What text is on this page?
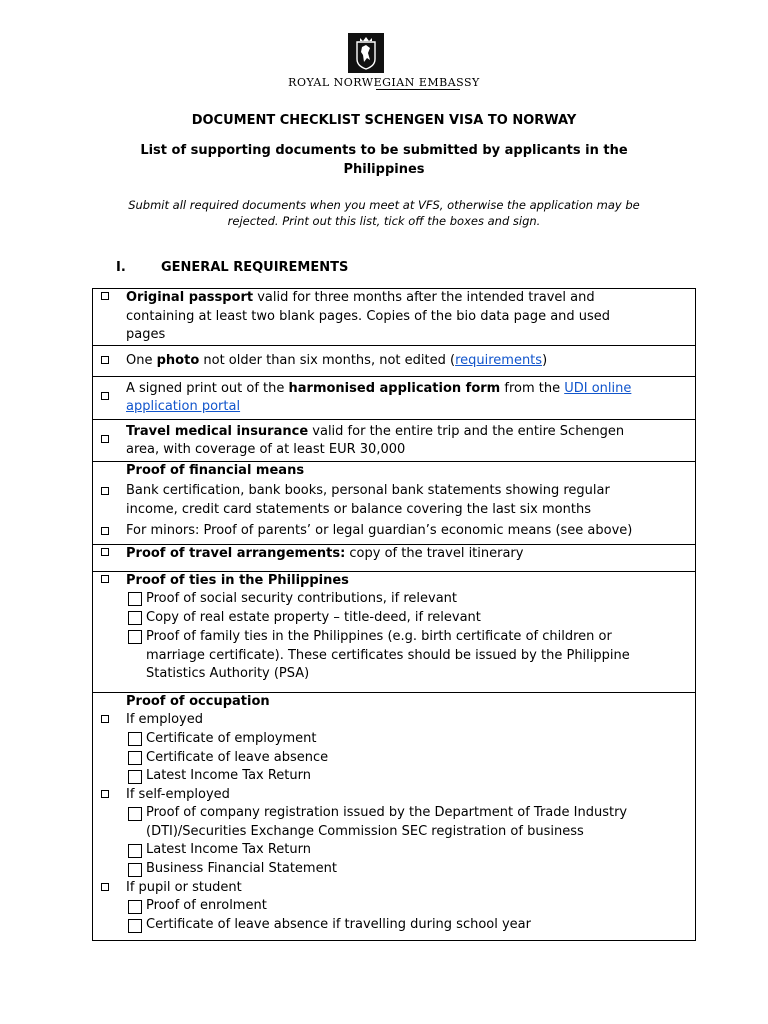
ROYAL NORWEGIAN EMBASSY
DOCUMENT CHECKLIST SCHENGEN VISA TO NORWAY
List of supporting documents to be submitted by applicants in the
Philippines
Submit all required documents when you meet at VFS, otherwise the application may be
rejected. Print out this list, tick off the boxes and sign.
I.	GENERAL REQUIREMENTS
Original passport valid for three months after the intended travel and
containing at least two blank pages. Copies of the bio data page and used
pages
One photo not older than six months, not edited (requirements)
A signed print out of the harmonised application form from the UDI online
application portal
Travel medical insurance valid for the entire trip and the entire Schengen
area, with coverage of at least EUR 30,000
Proof of financial means
Bank certification, bank books, personal bank statements showing regular
income, credit card statements or balance covering the last six months
For minors: Proof of parents’ or legal guardian’s economic means (see above)
Proof of travel arrangements: copy of the travel itinerary
Proof of ties in the Philippines
Proof of social security contributions, if relevant
Copy of real estate property – title-deed, if relevant
Proof of family ties in the Philippines (e.g. birth certificate of children or
marriage certificate). These certificates should be issued by the Philippine
Statistics Authority (PSA)
Proof of occupation
If employed
Certificate of employment
Certificate of leave absence
Latest Income Tax Return
If self-employed
Proof of company registration issued by the Department of Trade Industry
(DTI)/Securities Exchange Commission SEC registration of business
Latest Income Tax Return
Business Financial Statement
If pupil or student
Proof of enrolment
Certificate of leave absence if travelling during school year
